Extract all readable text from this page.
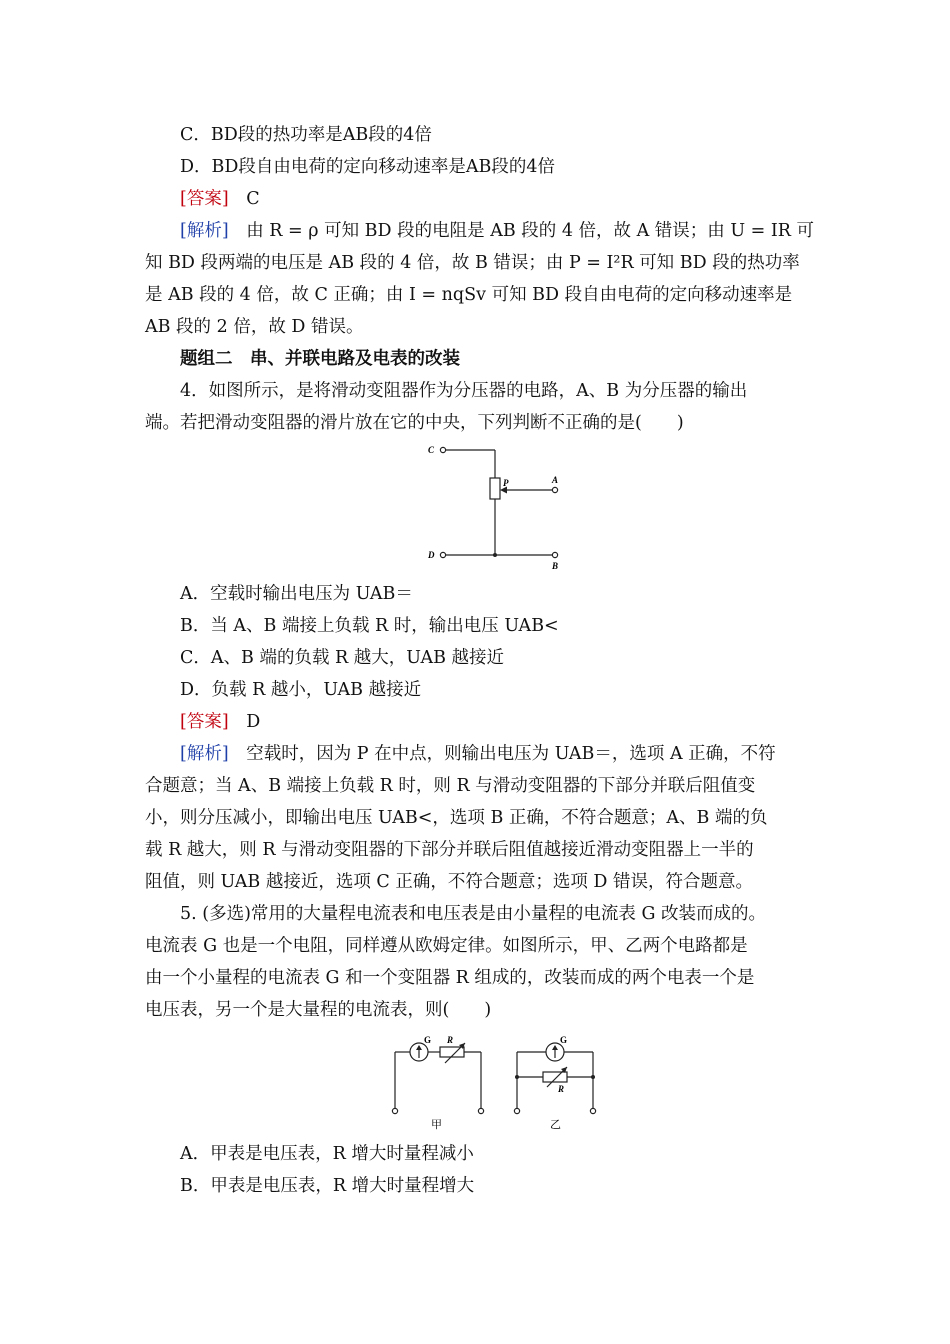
C．BD段的热功率是AB段的4倍
D．BD段自由电荷的定向移动速率是AB段的4倍
[答案] C
[解析] 由 R = ρ 可知 BD 段的电阻是 AB 段的 4 倍，故 A 错误；由 U = IR 可
知 BD 段两端的电压是 AB 段的 4 倍，故 B 错误；由 P = I²R 可知 BD 段的热功率
是 AB 段的 4 倍，故 C 正确；由 I = nqSv 可知 BD 段自由电荷的定向移动速率是
AB 段的 2 倍，故 D 错误。
题组二　串、并联电路及电表的改装
4．如图所示，是将滑动变阻器作为分压器的电路，A、B 为分压器的输出
端。若把滑动变阻器的滑片放在它的中央，下列判断不正确的是(　　)
C
D
P	A
B
A．空载时输出电压为 UAB＝
B．当 A、B 端接上负载 R 时，输出电压 UAB<
C．A、B 端的负载 R 越大，UAB 越接近
D．负载 R 越小，UAB 越接近
[答案] D
[解析] 空载时，因为 P 在中点，则输出电压为 UAB＝，选项 A 正确，不符
合题意；当 A、B 端接上负载 R 时，则 R 与滑动变阻器的下部分并联后阻值变
小，则分压减小，即输出电压 UAB<，选项 B 正确，不符合题意；A、B 端的负
载 R 越大，则 R 与滑动变阻器的下部分并联后阻值越接近滑动变阻器上一半的
阻值，则 UAB 越接近，选项 C 正确，不符合题意；选项 D 错误，符合题意。
5. (多选)常用的大量程电流表和电压表是由小量程的电流表 G 改装而成的。
电流表 G 也是一个电阻，同样遵从欧姆定律。如图所示，甲、乙两个电路都是
由一个小量程的电流表 G 和一个变阻器 R 组成的，改装而成的两个电表一个是
电压表，另一个是大量程的电流表，则(　　)
G R	G
R
甲	乙
A．甲表是电压表，R 增大时量程减小
B．甲表是电压表，R 增大时量程增大
